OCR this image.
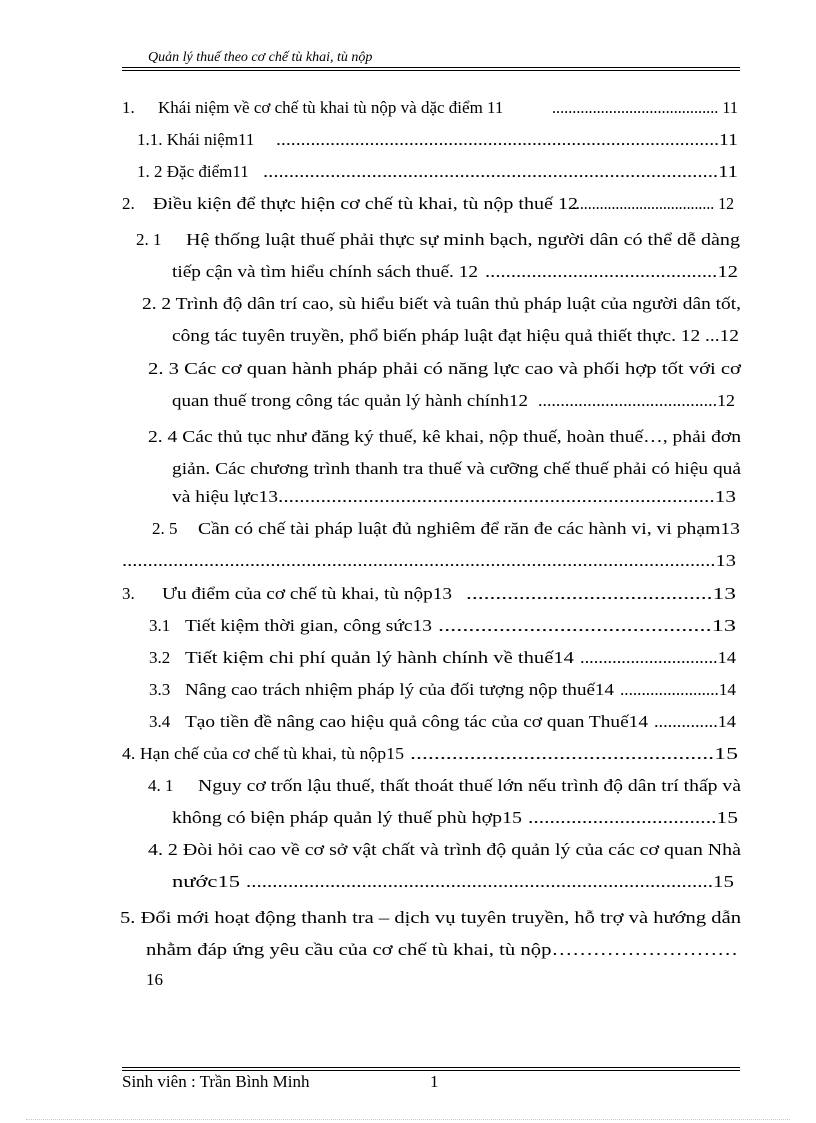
Quản lý thuế theo cơ chế tù khai, tù nộp
1. Khái niệm về cơ chế tù khai tù nộp và dặc điểm 11	......................................... 11
1.1. Khái niệm11 ..........................................................................................11
1. 2 Đặc điểm11 ........................................................................................11
2. Điều kiện để thực hiện cơ chế tù khai, tù nộp thuế 12
..................................... 12
2. 1 Hệ thống luật thuế phải thực sự minh bạch, người dân có thể dễ dàng
tiếp cận và tìm hiểu chính sách thuế. 12 .............................................12
2. 2 Trình độ dân trí cao, sù hiểu biết và tuân thủ pháp luật của người dân tốt,
công tác tuyên truyền, phổ biến pháp luật đạt hiệu quả thiết thực. 12 ...12
2. 3 Các cơ quan hành pháp phải có năng lực cao và phối hợp tốt với cơ
quan thuế trong công tác quản lý hành chính12 ........................................12
2. 4 Các thủ tục như đăng ký thuế, kê khai, nộp thuế, hoàn thuế…, phải đơn
giản. Các chương trình thanh tra thuế và cưỡng chế thuế phải có hiệu quả
và hiệu lực13 ..................................................................................13
2. 5 Cần có chế tài pháp luật đủ nghiêm để răn đe các hành vi, vi phạm13
....................................................................................................................13
3. Ưu điểm của cơ chế tù khai, tù nộp13 ..........................................13
3.1 Tiết kiệm thời gian, công sức13 .............................................13
3.2 Tiết kiệm chi phí quản lý hành chính về thuế14 ..............................14
3.3 Nâng cao trách nhiệm pháp lý của đối tượng nộp thuế14 .......................14
3.4 Tạo tiền đề nâng cao hiệu quả công tác của cơ quan Thuế14 ..............14
4. Hạn chế của cơ chế tù khai, tù nộp15 ...................................................15
4. 1 Nguy cơ trốn lậu thuế, thất thoát thuế lớn nếu trình độ dân trí thấp và
không có biện pháp quản lý thuế phù hợp15 ...................................15
4. 2 Đòi hỏi cao về cơ sở vật chất và trình độ quản lý của các cơ quan Nhà
nước15 .........................................................................................15
5. Đổi mới hoạt động thanh tra – dịch vụ tuyên truyền, hỗ trợ và hướng dẫn
nhằm đáp ứng yêu cầu của cơ chế tù khai, tù nộp………………………
16
Sinh viên : Trần Bình Minh	1
